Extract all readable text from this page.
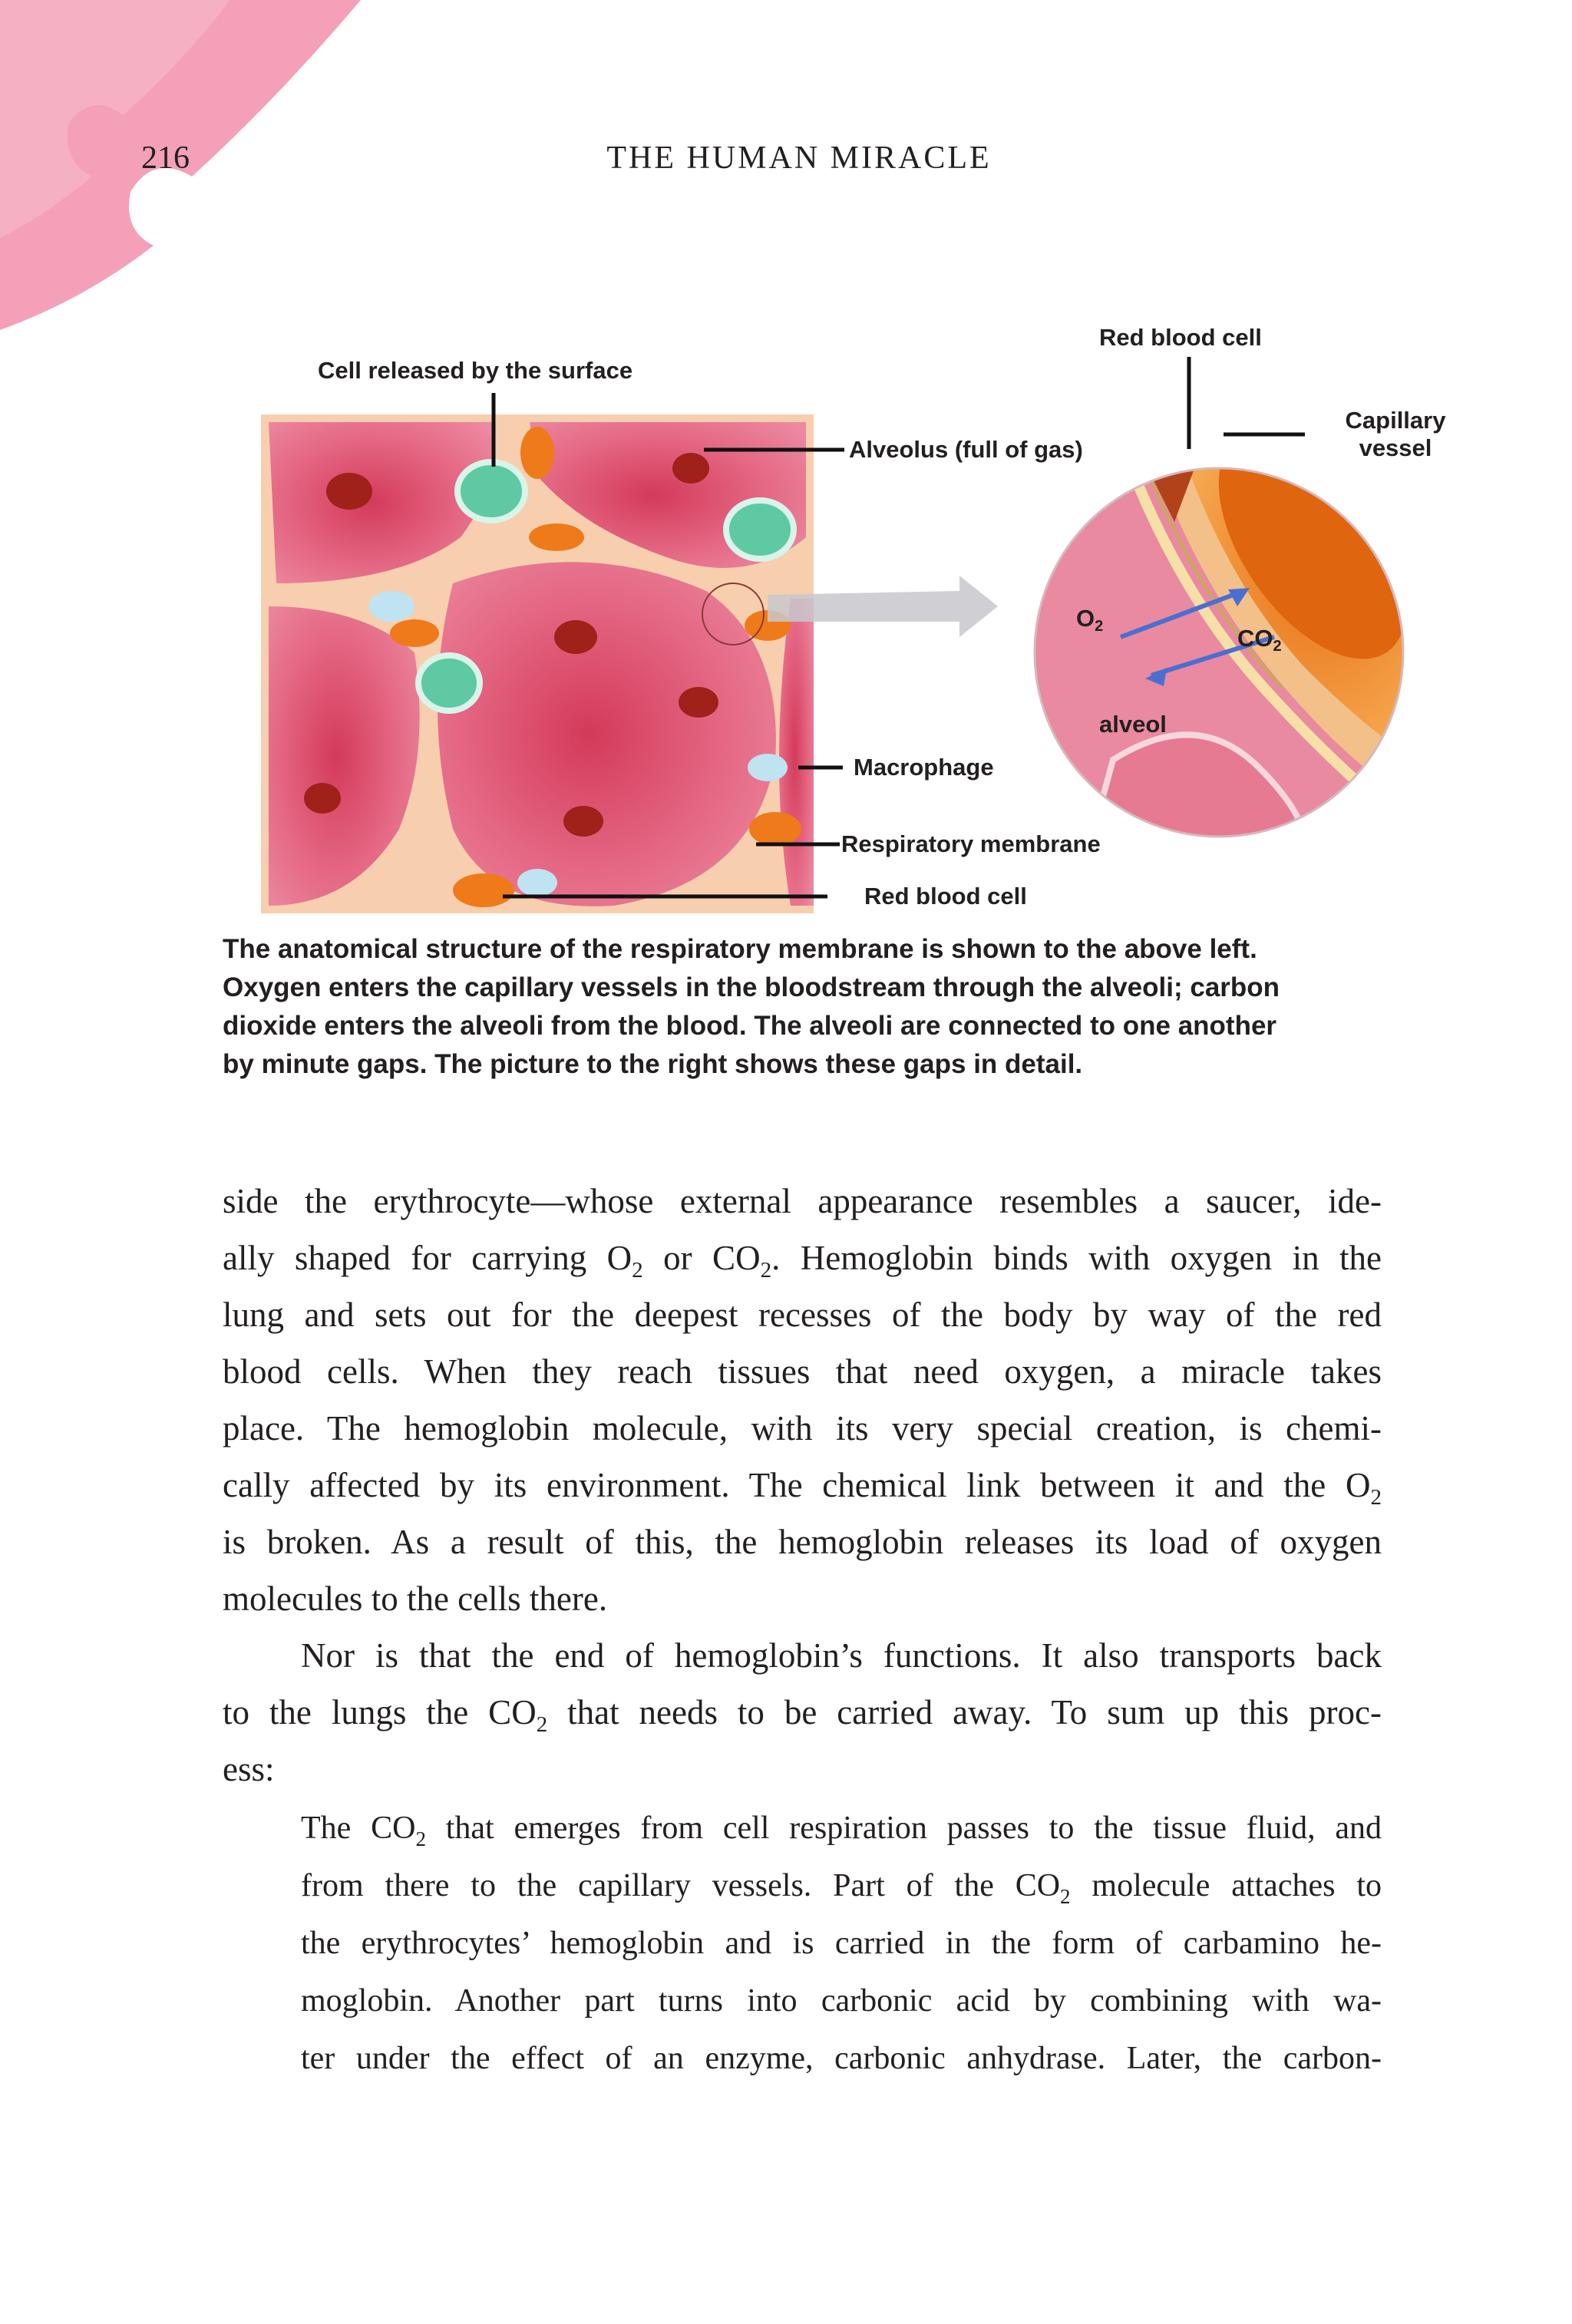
216	THE HUMAN MIRACLE
Cell released by the surface
Alveolus (full of gas)
Red blood cell
Capillary
vessel
$O_2$	$CO_2$
alveol
Macrophage
Respiratory membrane
Red blood cell

The anatomical structure of the respiratory membrane is shown to the above left.

Oxygen enters the capillary vessels in the bloodstream through the alveoli; carbon

dioxide enters the alveoli from the blood. The alveoli are connected to one another

by minute gaps. The picture to the right shows these gaps in detail.

side the erythrocyte—whose external appearance resembles a saucer, ide-
ally shaped for carrying $O_2$ or $CO_2$. Hemoglobin binds with oxygen in the
lung and sets out for the deepest recesses of the body by way of the red
blood cells. When they reach tissues that need oxygen, a miracle takes
place. The hemoglobin molecule, with its very special creation, is chemi-
cally affected by its environment. The chemical link between it and the $O_2$
is broken. As a result of this, the hemoglobin releases its load of oxygen
molecules to the cells there.
Nor is that the end of hemoglobin’s functions. It also transports back
to the lungs the $CO_2$ that needs to be carried away. To sum up this proc-
ess:
The $CO_2$ that emerges from cell respiration passes to the tissue fluid, and
from there to the capillary vessels. Part of the $CO_2$ molecule attaches to
the erythrocytes’ hemoglobin and is carried in the form of carbamino he-
moglobin. Another part turns into carbonic acid by combining with wa-
ter under the effect of an enzyme, carbonic anhydrase. Later, the carbon-
